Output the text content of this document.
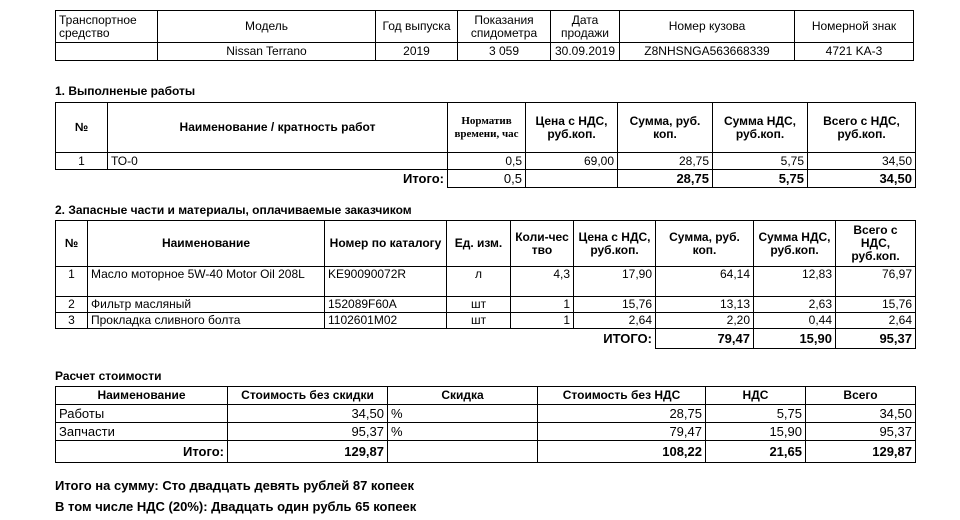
Транспортное средство	Модель	Год выпуска	Показания спидометра	Дата продажи	Номер кузова	Номерной знак
	Nissan Terrano	2019	3 059	30.09.2019	Z8NHSNGA563668339	4721 KA-3
1. Выполненые работы
№	Наименование / кратность работ	Норматив времени, час	Цена с НДС, руб.коп.	Сумма, руб. коп.	Сумма НДС, руб.коп.	Всего с НДС, руб.коп.
1	ТО-0	0,5	69,00	28,75	5,75	34,50
	Итого:	0,5		28,75	5,75	34,50
2. Запасные части и материалы, оплачиваемые заказчиком
№	Наименование	Номер по каталогу	Ед. изм.	Коли-чество	Цена с НДС, руб.коп.	Сумма, руб. коп.	Сумма НДС, руб.коп.	Всего с НДС, руб.коп.
1	Масло моторное 5W-40 Motor Oil 208L	KE90090072R	л	4,3	17,90	64,14	12,83	76,97
2	Фильтр масляный	152089F60A	шт	1	15,76	13,13	2,63	15,76
3	Прокладка сливного болта	1102601M02	шт	1	2,64	2,20	0,44	2,64
					ИТОГО:	79,47	15,90	95,37
Расчет стоимости
Наименование	Стоимость без скидки	Скидка	Стоимость без НДС	НДС	Всего
Работы	34,50	%	28,75	5,75	34,50
Запчасти	95,37	%	79,47	15,90	95,37
Итого:	129,87		108,22	21,65	129,87
Итого на сумму: Сто двадцать девять рублей 87 копеек
В том числе НДС (20%): Двадцать один рубль 65 копеек
